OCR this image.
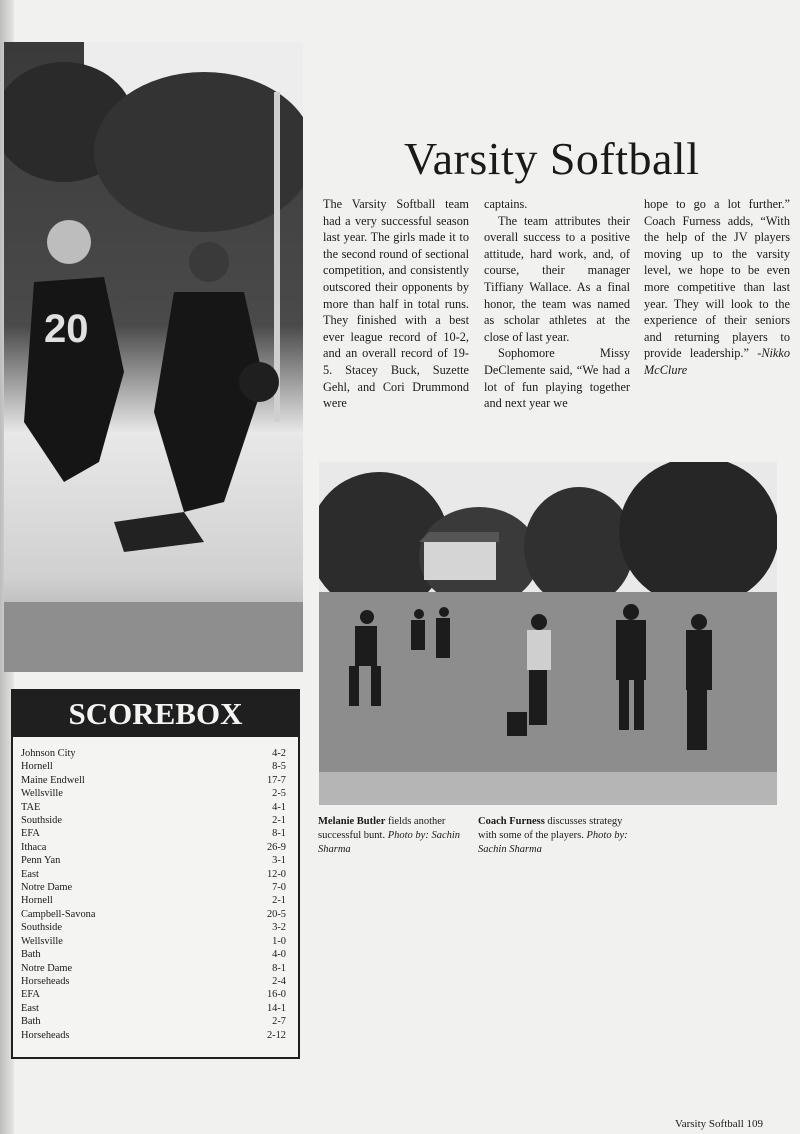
20
Varsity Softball

The Varsity Softball team had a very successful season last year. The girls made it to the second round of sectional competition, and consistently outscored their opponents by more than half in total runs. They finished with a best ever league record of 10-2, and an overall record of 19-5. Stacey Buck, Suzette Gehl, and Cori Drummond were

captains.

The team attributes their overall success to a positive attitude, hard work, and, of course, their manager Tiffiany Wallace. As a final honor, the team was named as scholar athletes at the close of last year.

Sophomore Missy DeClemente said, “We had a lot of fun playing together and next year we

hope to go a lot further.” Coach Furness adds, “With the help of the JV players moving up to the varsity level, we hope to be even more competitive than last year. They will look to the experience of their seniors and returning players to provide leadership.” -Nikko McClure

Melanie Butler fields another successful bunt. Photo by: Sachin Sharma
Coach Furness discusses strategy with some of the players. Photo by: Sachin Sharma
SCOREBOX
Johnson City	4-2
Hornell	8-5
Maine Endwell	17-7
Wellsville	2-5
TAE	4-1
Southside	2-1
EFA	8-1
Ithaca	26-9
Penn Yan	3-1
East	12-0
Notre Dame	7-0
Hornell	2-1
Campbell-Savona	20-5
Southside	3-2
Wellsville	1-0
Bath	4-0
Notre Dame	8-1
Horseheads	2-4
EFA	16-0
East	14-1
Bath	2-7
Horseheads	2-12
Varsity Softball 109
